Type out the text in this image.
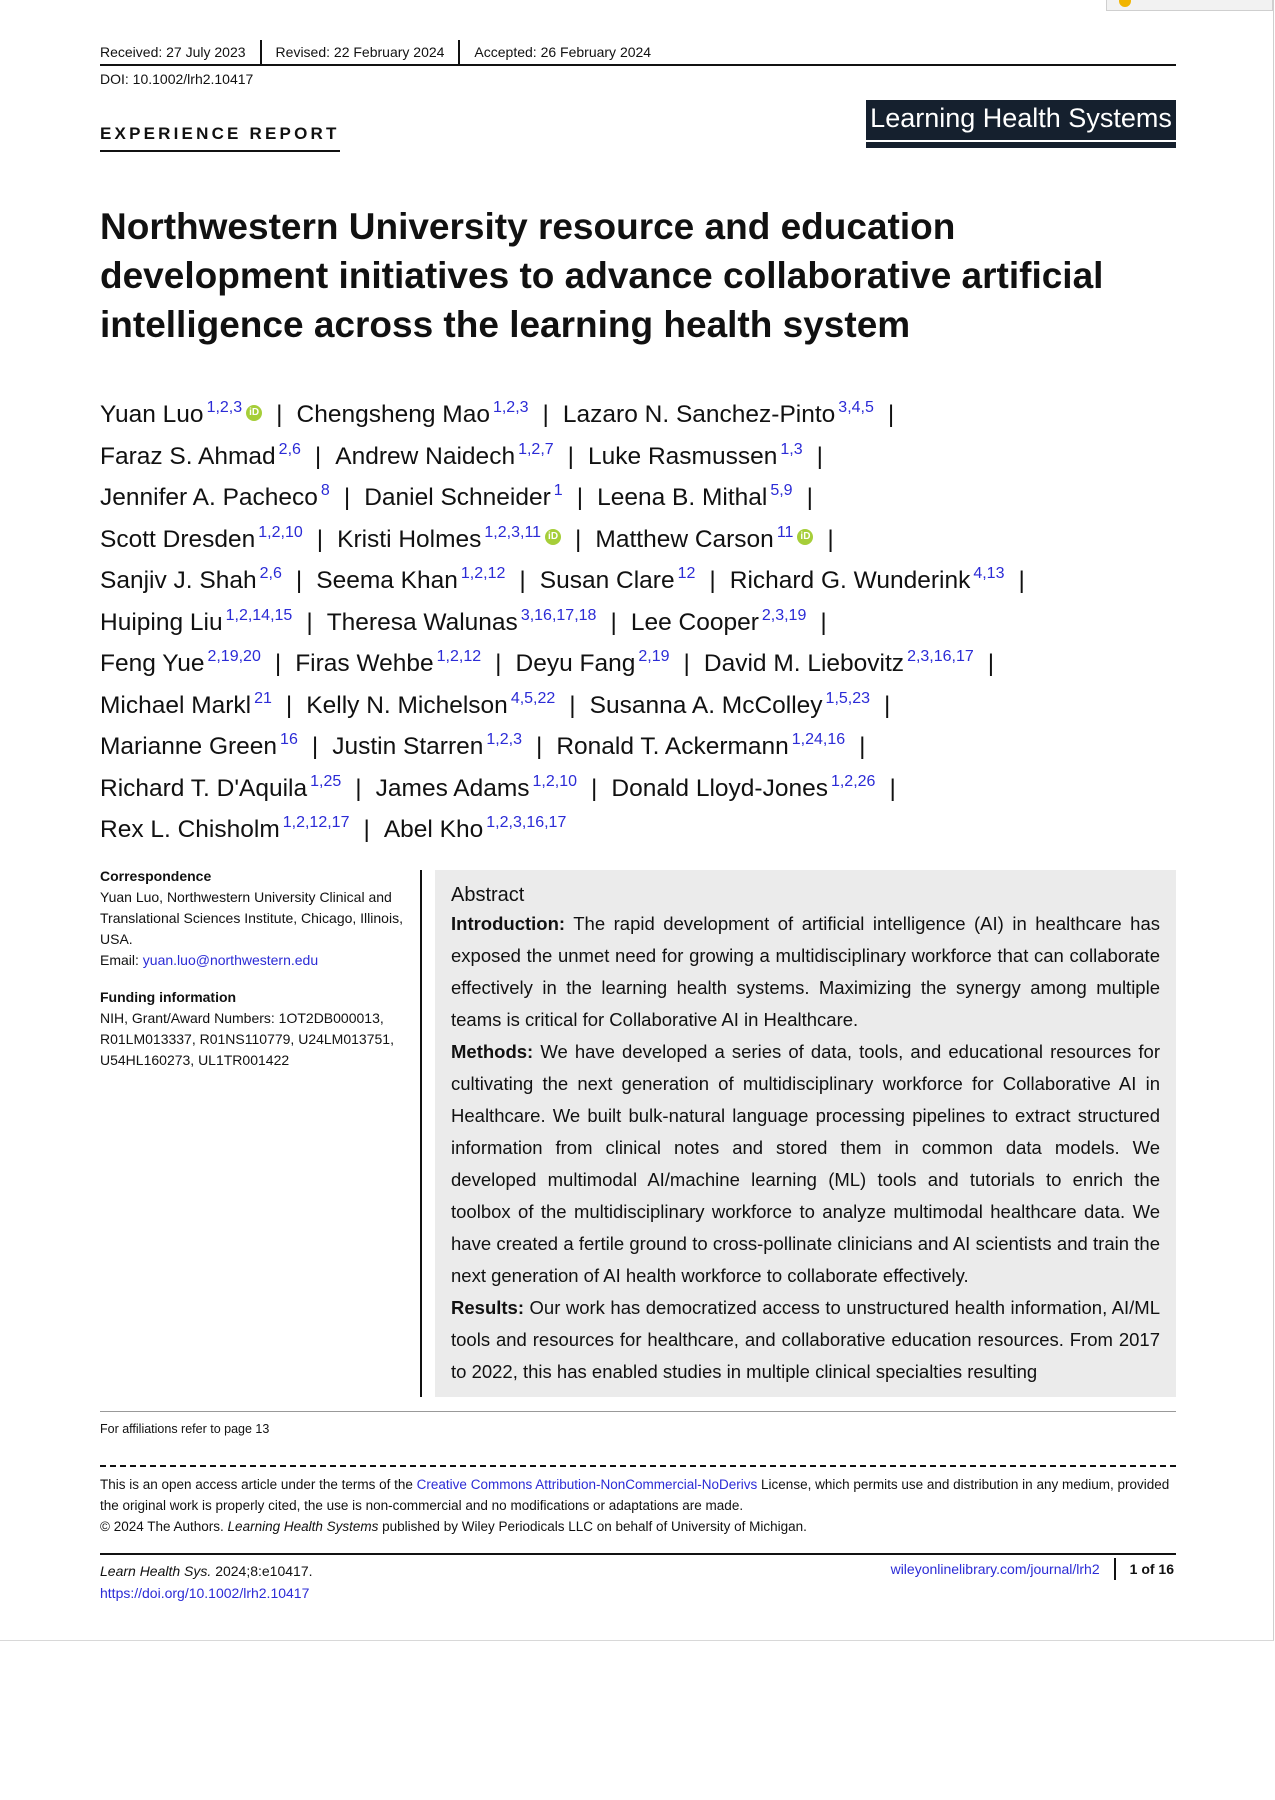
Received: 27 July 2023	Revised: 22 February 2024	Accepted: 26 February 2024
DOI: 10.1002/lrh2.10417
EXPERIENCE REPORT
Learning Health Systems
Northwestern University resource and education development initiatives to advance collaborative artificial intelligence across the learning health system
Yuan Luo $^{1,2,3}$ iD | Chengsheng Mao $^{1,2,3}$ | Lazaro N. Sanchez-Pinto $^{3,4,5}$ |
Faraz S. Ahmad $^{2,6}$ | Andrew Naidech $^{1,2,7}$ | Luke Rasmussen $^{1,3}$ |
Jennifer A. Pacheco $^8$ | Daniel Schneider $^1$ | Leena B. Mithal $^{5,9}$ |
Scott Dresden $^{1,2,10}$ | Kristi Holmes $^{1,2,3,11}$ iD | Matthew Carson $^{11}$ iD |
Sanjiv J. Shah $^{2,6}$ | Seema Khan $^{1,2,12}$ | Susan Clare $^{12}$ | Richard G. Wunderink $^{4,13}$ |
Huiping Liu $^{1,2,14,15}$ | Theresa Walunas $^{3,16,17,18}$ | Lee Cooper $^{2,3,19}$ |
Feng Yue $^{2,19,20}$ | Firas Wehbe $^{1,2,12}$ | Deyu Fang $^{2,19}$ | David M. Liebovitz $^{2,3,16,17}$ |
Michael Markl $^{21}$ | Kelly N. Michelson $^{4,5,22}$ | Susanna A. McColley $^{1,5,23}$ |
Marianne Green $^{16}$ | Justin Starren $^{1,2,3}$ | Ronald T. Ackermann $^{1,24,16}$ |
Richard T. D'Aquila $^{1,25}$ | James Adams $^{1,2,10}$ | Donald Lloyd-Jones $^{1,2,26}$ |
Rex L. Chisholm $^{1,2,12,17}$ | Abel Kho $^{1,2,3,16,17}$
Correspondence
Yuan Luo, Northwestern University Clinical and Translational Sciences Institute, Chicago, Illinois, USA.
Email: yuan.luo@northwestern.edu
Funding information
NIH, Grant/Award Numbers: 1OT2DB000013, R01LM013337, R01NS110779, U24LM013751, U54HL160273, UL1TR001422
Abstract

Introduction: The rapid development of artificial intelligence (AI) in healthcare has exposed the unmet need for growing a multidisciplinary workforce that can collaborate effectively in the learning health systems. Maximizing the synergy among multiple teams is critical for Collaborative AI in Healthcare.

Methods: We have developed a series of data, tools, and educational resources for cultivating the next generation of multidisciplinary workforce for Collaborative AI in Healthcare. We built bulk-natural language processing pipelines to extract structured information from clinical notes and stored them in common data models. We developed multimodal AI/machine learning (ML) tools and tutorials to enrich the toolbox of the multidisciplinary workforce to analyze multimodal healthcare data. We have created a fertile ground to cross-pollinate clinicians and AI scientists and train the next generation of AI health workforce to collaborate effectively.

Results: Our work has democratized access to unstructured health information, AI/ML tools and resources for healthcare, and collaborative education resources. From 2017 to 2022, this has enabled studies in multiple clinical specialties resulting

For affiliations refer to page 13
This is an open access article under the terms of the Creative Commons Attribution-NonCommercial-NoDerivs License, which permits use and distribution in any medium, provided the original work is properly cited, the use is non-commercial and no modifications or adaptations are made.
© 2024 The Authors. Learning Health Systems published by Wiley Periodicals LLC on behalf of University of Michigan.
Learn Health Sys. 2024;8:e10417.
https://doi.org/10.1002/lrh2.10417
wileyonlinelibrary.com/journal/lrh2	1 of 16
